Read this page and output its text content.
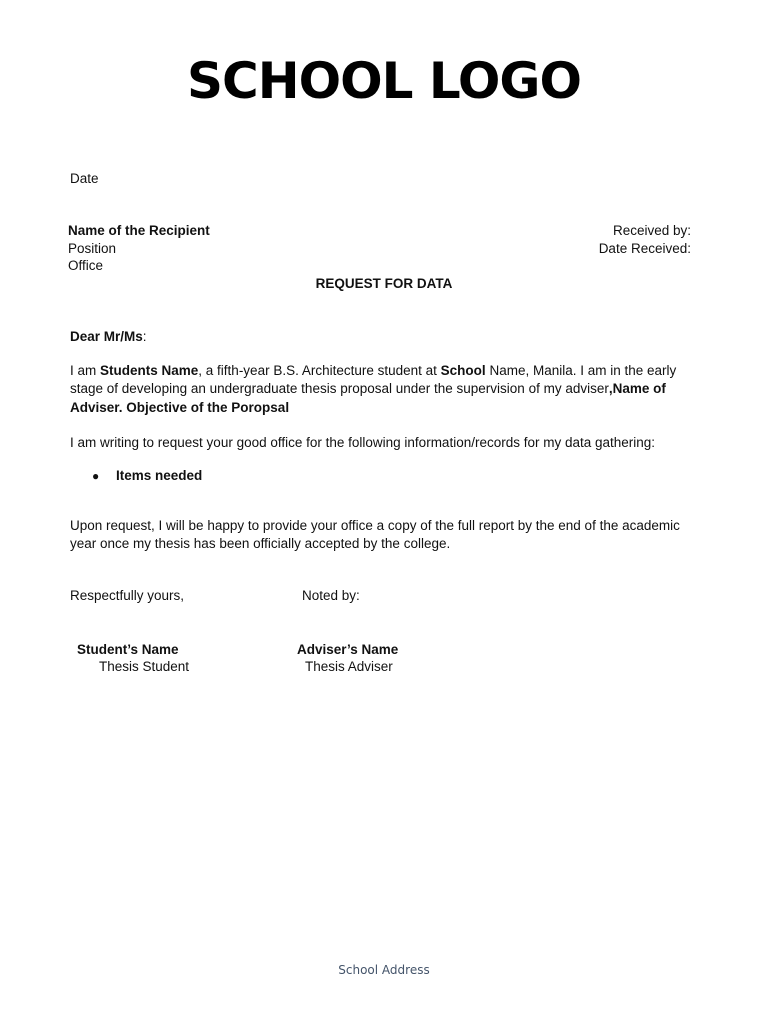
SCHOOL LOGO
Date
Name of the Recipient
Position
Office
Received by:
Date Received:
REQUEST FOR DATA
Dear Mr/Ms:
I am Students Name, a fifth-year B.S. Architecture student at School Name, Manila. I am in the early stage of developing an undergraduate thesis proposal under the supervision of my adviser,Name of Adviser. Objective of the Poropsal
I am writing to request your good office for the following information/records for my data gathering:
● Items needed
Upon request, I will be happy to provide your office a copy of the full report by the end of the academic year once my thesis has been officially accepted by the college.
Respectfully yours,	Noted by:
Student’s Name
Thesis Student
Adviser’s Name
Thesis Adviser
School Address
